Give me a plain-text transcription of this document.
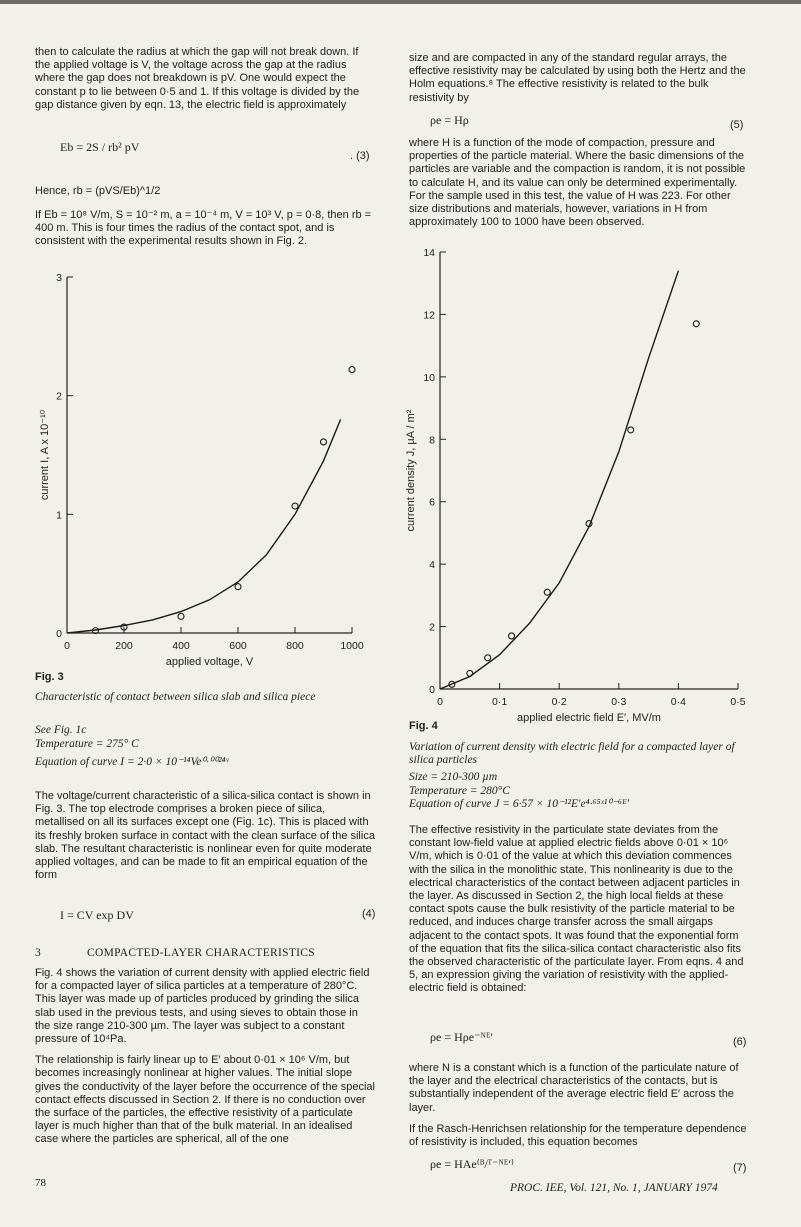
then to calculate the radius at which the gap will not break down. If the applied voltage is V, the voltage across the gap at the radius where the gap does not breakdown is pV. One would expect the constant p to lie between 0·5 and 1. If this voltage is divided by the gap distance given by eqn. 13, the electric field is approximately

Eb = 2S / rb² pV
. (3)

Hence, rb = (pVS/Eb)^1/2

If Eb = 10⁸ V/m, S = 10⁻² m, a = 10⁻⁴ m, V = 10³ V, p = 0·8, then rb = 400 m. This is four times the radius of the contact spot, and is consistent with the experimental results shown in Fig. 2.

0	200	400	600	800	1000
0
1
2
3
applied voltage, V
current I, A x 10⁻¹⁰
Fig. 3
Characteristic of contact between silica slab and silica piece
See Fig. 1c
Temperature = 275° C
Equation of curve I = 2·0 × 10⁻¹⁴Ve⁰·⁰⁰²⁴ᵛ

The voltage/current characteristic of a silica-silica contact is shown in Fig. 3. The top electrode comprises a broken piece of silica, metallised on all its surfaces except one (Fig. 1c). This is placed with its freshly broken surface in contact with the clean surface of the silica slab. The resultant characteristic is nonlinear even for quite moderate applied voltages, and can be made to fit an empirical equation of the form

I = CV exp DV	(4)
3	COMPACTED-LAYER CHARACTERISTICS

Fig. 4 shows the variation of current density with applied electric field for a compacted layer of silica particles at a temperature of 280°C. This layer was made up of particles produced by grinding the silica slab used in the previous tests, and using sieves to obtain those in the size range 210-300 µm. The layer was subject to a constant pressure of 10⁴Pa.

The relationship is fairly linear up to E′ about 0·01 × 10⁶ V/m, but becomes increasingly nonlinear at higher values. The initial slope gives the conductivity of the layer before the occurrence of the special contact effects discussed in Section 2. If there is no conduction over the surface of the particles, the effective resistivity of a particulate layer is much higher than that of the bulk material. In an idealised case where the particles are spherical, all of the one

78

size and are compacted in any of the standard regular arrays, the effective resistivity may be calculated by using both the Hertz and the Holm equations.⁸ The effective resistivity is related to the bulk resistivity by

ρe = Hρ	(5)

where H is a function of the mode of compaction, pressure and properties of the particle material. Where the basic dimensions of the particles are variable and the compaction is random, it is not possible to calculate H, and its value can only be determined experimentally. For the sample used in this test, the value of H was 223. For other size distributions and materials, however, variations in H from approximately 100 to 1000 have been observed.

0	0·1	0·2	0·3	0·4	0·5
0
2
4
6
8
10
12
14
applied electric field E′, MV/m
current density J, µA / m²
Fig. 4
Variation of current density with electric field for a compacted layer of silica particles
Size = 210-300 µm
Temperature = 280°C
Equation of curve J = 6·57 × 10⁻¹²E′e⁴·⁶⁵ˣ¹⁰⁻⁶ᴱ′

The effective resistivity in the particulate state deviates from the constant low-field value at applied electric fields above 0·01 × 10⁶ V/m, which is 0·01 of the value at which this deviation commences with the silica in the monolithic state. This nonlinearity is due to the electrical characteristics of the contact between adjacent particles in the layer. As discussed in Section 2, the high local fields at these contact spots cause the bulk resistivity of the particle material to be reduced, and induces charge transfer across the small airgaps adjacent to the contact spots. It was found that the exponential form of the equation that fits the silica-silica contact characteristic also fits the observed characteristic of the particulate layer. From eqns. 4 and 5, an expression giving the variation of resistivity with the applied-electric field is obtained:

ρe = Hρe⁻ᴺᴱ′	(6)

where N is a constant which is a function of the particulate nature of the layer and the electrical characteristics of the contacts, but is substantially independent of the average electric field E′ across the layer.

If the Rasch-Henrichsen relationship for the temperature dependence of resistivity is included, this equation becomes

ρe = HAe⁽ᴮ/ᵀ⁻ᴺᴱ′⁾	(7)
PROC. IEE, Vol. 121, No. 1, JANUARY 1974
